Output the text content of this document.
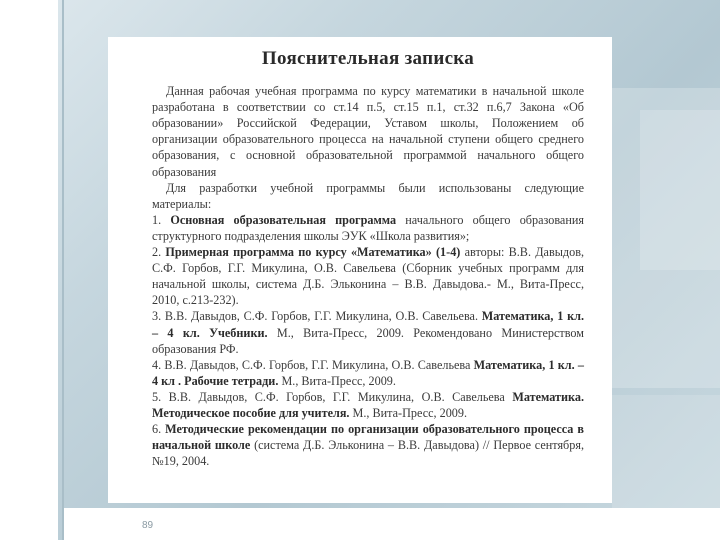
Пояснительная записка
Данная рабочая учебная программа по курсу математики в начальной школе разработана в соответствии со ст.14 п.5, ст.15 п.1, ст.32 п.6,7 Закона «Об образовании» Российской Федерации, Уставом школы, Положением об организации образовательного процесса на начальной ступени общего среднего образования, с основной образовательной программой начального общего образования
Для разработки учебной программы были использованы следующие материалы:
1. Основная образовательная программа начального общего образования структурного подразделения школы ЭУК «Школа развития»;
2. Примерная программа по курсу «Математика» (1-4) авторы: В.В. Давыдов, С.Ф. Горбов, Г.Г. Микулина, О.В. Савельева (Сборник учебных программ для начальной школы, система Д.Б. Эльконина – В.В. Давыдова.- М., Вита-Пресс, 2010, с.213-232).
3. В.В. Давыдов, С.Ф. Горбов, Г.Г. Микулина, О.В. Савельева. Математика, 1 кл. – 4 кл. Учебники. М., Вита-Пресс, 2009. Рекомендовано Министерством образования РФ.
4. В.В. Давыдов, С.Ф. Горбов, Г.Г. Микулина, О.В. Савельева Математика, 1 кл. – 4 кл . Рабочие тетради. М., Вита-Пресс, 2009.
5. В.В. Давыдов, С.Ф. Горбов, Г.Г. Микулина, О.В. Савельева Математика. Методическое пособие для учителя. М., Вита-Пресс, 2009.
6. Методические рекомендации по организации образовательного процесса в начальной школе (система Д.Б. Эльконина – В.В. Давыдова) // Первое сентября, №19, 2004.
89
